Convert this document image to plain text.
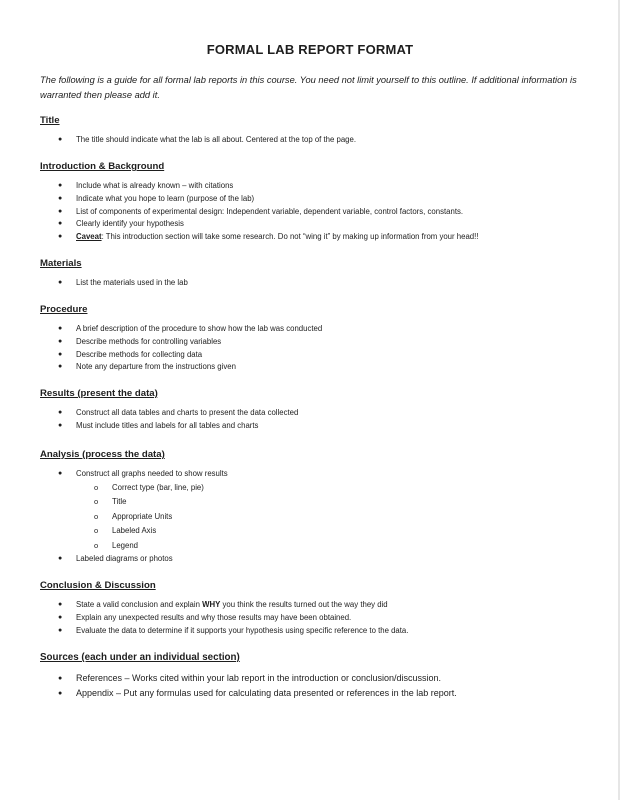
FORMAL LAB REPORT FORMAT

The following is a guide for all formal lab reports in this course. You need not limit yourself to this outline. If additional information is warranted then please add it.

Title
● The title should indicate what the lab is all about. Centered at the top of the page.
Introduction & Background
● Include what is already known – with citations
● Indicate what you hope to learn (purpose of the lab)
● List of components of experimental design: Independent variable, dependent variable, control factors, constants.
● Clearly identify your hypothesis
● Caveat: This introduction section will take some research. Do not “wing it” by making up information from your head!!
Materials
● List the materials used in the lab
Procedure
● A brief description of the procedure to show how the lab was conducted
● Describe methods for controlling variables
● Describe methods for collecting data
● Note any departure from the instructions given
Results (present the data)
● Construct all data tables and charts to present the data collected
● Must include titles and labels for all tables and charts
Analysis (process the data)
● Construct all graphs needed to show results
o Correct type (bar, line, pie)
o Title
o Appropriate Units
o Labeled Axis
o Legend
● Labeled diagrams or photos
Conclusion & Discussion
● State a valid conclusion and explain WHY you think the results turned out the way they did
● Explain any unexpected results and why those results may have been obtained.
● Evaluate the data to determine if it supports your hypothesis using specific reference to the data.
Sources (each under an individual section)
● References – Works cited within your lab report in the introduction or conclusion/discussion.
● Appendix – Put any formulas used for calculating data presented or references in the lab report.
